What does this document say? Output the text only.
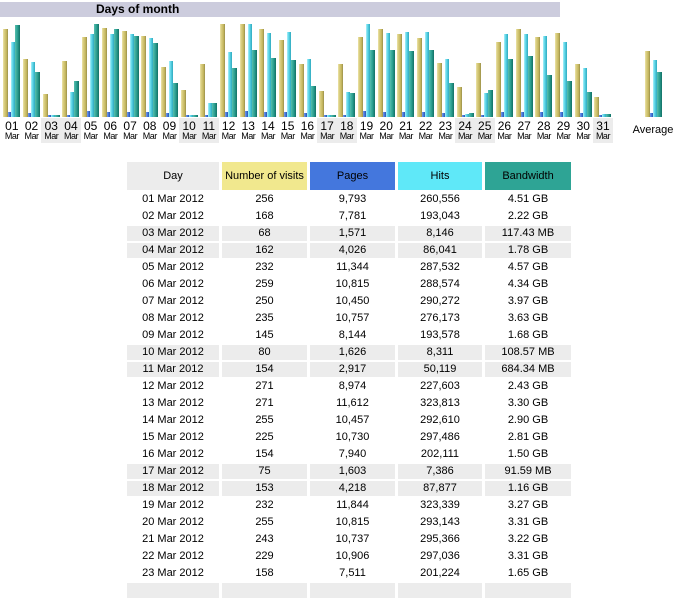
Days of month
01
Mar
02
Mar
03
Mar
04
Mar
05
Mar
06
Mar
07
Mar
08
Mar
09
Mar
10
Mar
11
Mar
12
Mar
13
Mar
14
Mar
15
Mar
16
Mar
17
Mar
18
Mar
19
Mar
20
Mar
21
Mar
22
Mar
23
Mar
24
Mar
25
Mar
26
Mar
27
Mar
28
Mar
29
Mar
30
Mar
31
Mar Average
Day	Number of visits	Pages	Hits	Bandwidth
01 Mar 2012	256	9,793	260,556	4.51 GB
02 Mar 2012	168	7,781	193,043	2.22 GB
03 Mar 2012	68	1,571	8,146	117.43 MB
04 Mar 2012	162	4,026	86,041	1.78 GB
05 Mar 2012	232	11,344	287,532	4.57 GB
06 Mar 2012	259	10,815	288,574	4.34 GB
07 Mar 2012	250	10,450	290,272	3.97 GB
08 Mar 2012	235	10,757	276,173	3.63 GB
09 Mar 2012	145	8,144	193,578	1.68 GB
10 Mar 2012	80	1,626	8,311	108.57 MB
11 Mar 2012	154	2,917	50,119	684.34 MB
12 Mar 2012	271	8,974	227,603	2.43 GB
13 Mar 2012	271	11,612	323,813	3.30 GB
14 Mar 2012	255	10,457	292,610	2.90 GB
15 Mar 2012	225	10,730	297,486	2.81 GB
16 Mar 2012	154	7,940	202,111	1.50 GB
17 Mar 2012	75	1,603	7,386	91.59 MB
18 Mar 2012	153	4,218	87,877	1.16 GB
19 Mar 2012	232	11,844	323,339	3.27 GB
20 Mar 2012	255	10,815	293,143	3.31 GB
21 Mar 2012	243	10,737	295,366	3.22 GB
22 Mar 2012	229	10,906	297,036	3.31 GB
23 Mar 2012	158	7,511	201,224	1.65 GB
